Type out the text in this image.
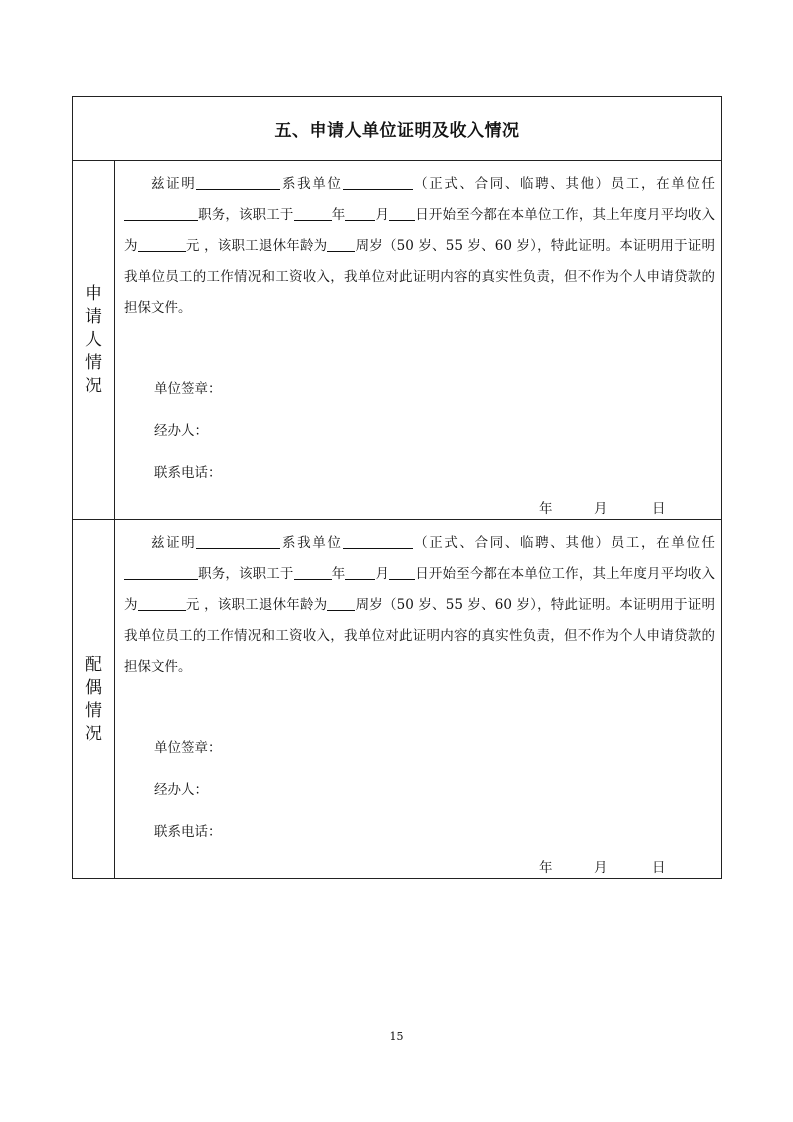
五、申请人单位证明及收入情况
申请人情况

兹证明	系我单位	（正式、合同、临聘、其他）员工，在单位任职务，该职工于	年 月 日开始至今都在本单位工作，其上年度月平均收入为	元 ，该职工退休年龄为 周岁（50 岁、55 岁、60 岁），特此证明。本证明用于证明我单位员工的工作情况和工资收入，我单位对此证明内容的真实性负责，但不作为个人申请贷款的担保文件。

单位签章：
经办人：
联系电话：
年	月	日
配偶情况

兹证明	系我单位	（正式、合同、临聘、其他）员工，在单位任职务，该职工于	年 月 日开始至今都在本单位工作，其上年度月平均收入为	元 ，该职工退休年龄为 周岁（50 岁、55 岁、60 岁），特此证明。本证明用于证明我单位员工的工作情况和工资收入，我单位对此证明内容的真实性负责，但不作为个人申请贷款的担保文件。

单位签章：
经办人：
联系电话：
年	月	日
15
